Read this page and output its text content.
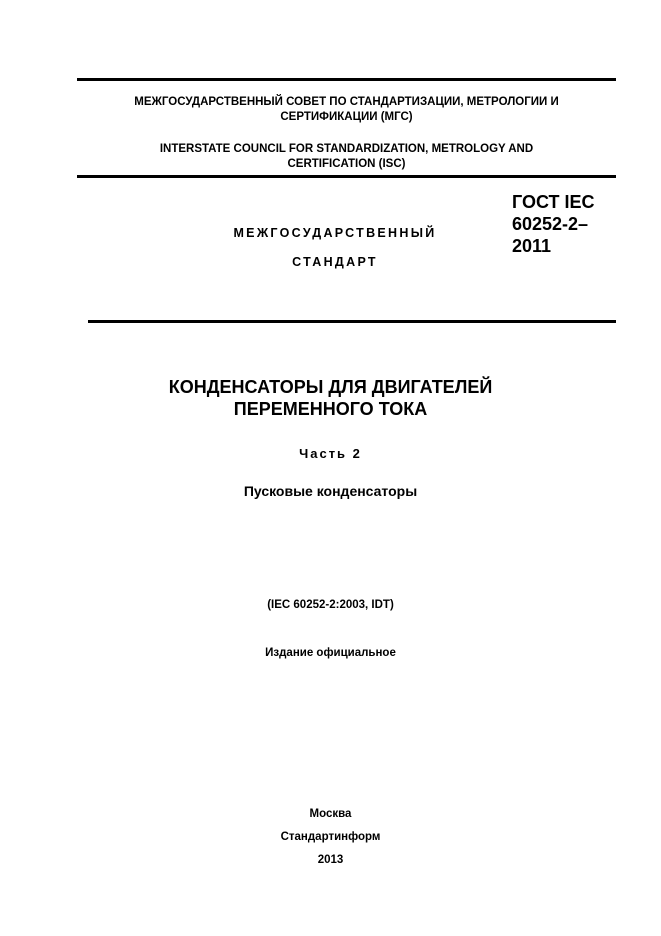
МЕЖГОСУДАРСТВЕННЫЙ СОВЕТ ПО СТАНДАРТИЗАЦИИ, МЕТРОЛОГИИ И
СЕРТИФИКАЦИИ (МГС)
INTERSTATE COUNCIL FOR STANDARDIZATION, METROLOGY AND
CERTIFICATION (ISC)
МЕЖГОСУДАРСТВЕННЫЙ
СТАНДАРТ
ГОСТ IEC
60252-2–
2011
КОНДЕНСАТОРЫ ДЛЯ ДВИГАТЕЛЕЙ
ПЕРЕМЕННОГО ТОКА
Часть 2
Пусковые конденсаторы
(IEC 60252-2:2003, IDT)
Издание официальное
Москва
Стандартинформ
2013
